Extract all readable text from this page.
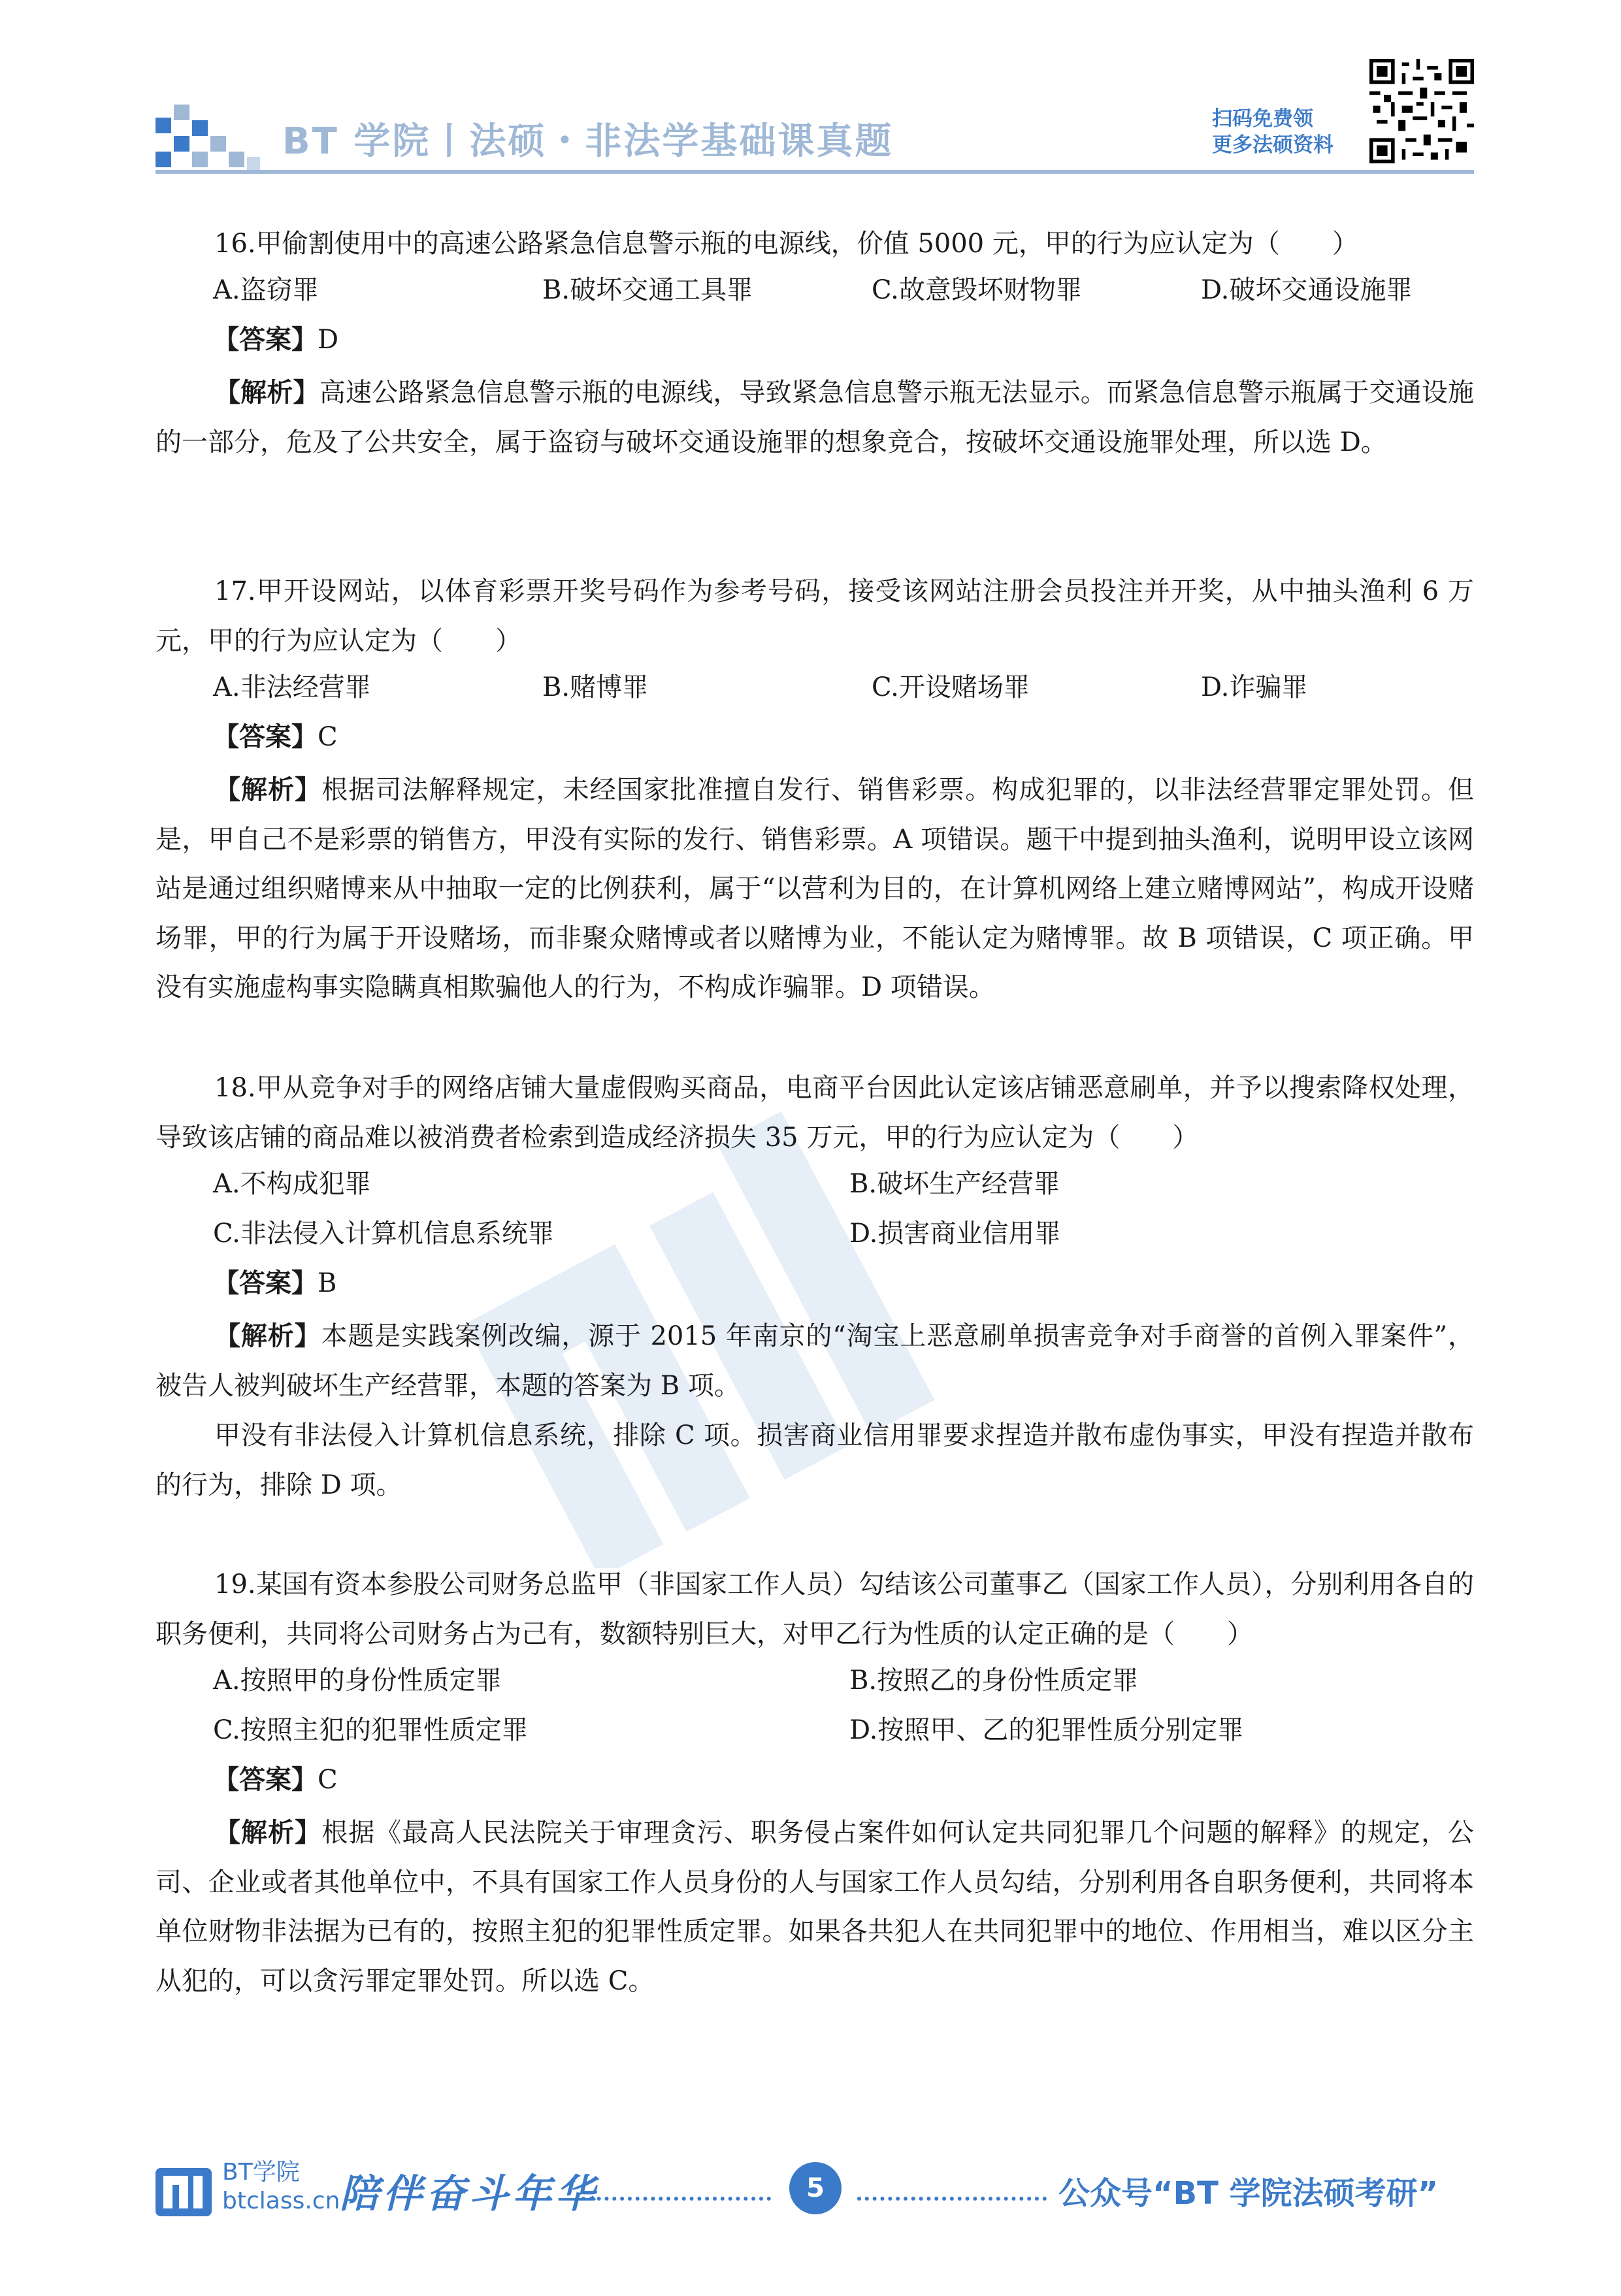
BT 学院丨法硕・非法学基础课真题
扫码免费领
更多法硕资料
16.甲偷割使用中的高速公路紧急信息警示瓶的电源线，价值 5000 元，甲的行为应认定为（　　）
A.盗窃罪	B.破坏交通工具罪	C.故意毁坏财物罪	D.破坏交通设施罪
【答案】D
【解析】高速公路紧急信息警示瓶的电源线，导致紧急信息警示瓶无法显示。而紧急信息警示瓶属于交通设施的一部分，危及了公共安全，属于盗窃与破坏交通设施罪的想象竞合，按破坏交通设施罪处理，所以选 D。
17.甲开设网站，以体育彩票开奖号码作为参考号码，接受该网站注册会员投注并开奖，从中抽头渔利 6 万元，甲的行为应认定为（　　）
A.非法经营罪	B.赌博罪	C.开设赌场罪	D.诈骗罪
【答案】C
【解析】根据司法解释规定，未经国家批准擅自发行、销售彩票。构成犯罪的，以非法经营罪定罪处罚。但是，甲自己不是彩票的销售方，甲没有实际的发行、销售彩票。A 项错误。题干中提到抽头渔利，说明甲设立该网站是通过组织赌博来从中抽取一定的比例获利，属于“以营利为目的，在计算机网络上建立赌博网站”，构成开设赌场罪，甲的行为属于开设赌场，而非聚众赌博或者以赌博为业，不能认定为赌博罪。故 B 项错误，C 项正确。甲没有实施虚构事实隐瞒真相欺骗他人的行为，不构成诈骗罪。D 项错误。
18.甲从竞争对手的网络店铺大量虚假购买商品，电商平台因此认定该店铺恶意刷单，并予以搜索降权处理，导致该店铺的商品难以被消费者检索到造成经济损失 35 万元，甲的行为应认定为（　　）
A.不构成犯罪	B.破坏生产经营罪
C.非法侵入计算机信息系统罪	D.损害商业信用罪
【答案】B
【解析】本题是实践案例改编，源于 2015 年南京的“淘宝上恶意刷单损害竞争对手商誉的首例入罪案件”，被告人被判破坏生产经营罪，本题的答案为 B 项。
甲没有非法侵入计算机信息系统，排除 C 项。损害商业信用罪要求捏造并散布虚伪事实，甲没有捏造并散布的行为，排除 D 项。
19.某国有资本参股公司财务总监甲（非国家工作人员）勾结该公司董事乙（国家工作人员），分别利用各自的职务便利，共同将公司财务占为己有，数额特别巨大，对甲乙行为性质的认定正确的是（　　）
A.按照甲的身份性质定罪	B.按照乙的身份性质定罪
C.按照主犯的犯罪性质定罪	D.按照甲、乙的犯罪性质分别定罪
【答案】C
【解析】根据《最高人民法院关于审理贪污、职务侵占案件如何认定共同犯罪几个问题的解释》的规定，公司、企业或者其他单位中，不具有国家工作人员身份的人与国家工作人员勾结，分别利用各自职务便利，共同将本单位财物非法据为已有的，按照主犯的犯罪性质定罪。如果各共犯人在共同犯罪中的地位、作用相当，难以区分主从犯的，可以贪污罪定罪处罚。所以选 C。
BT学院
btclass.cn 陪伴奋斗年华	5	公众号“BT 学院法硕考研”
